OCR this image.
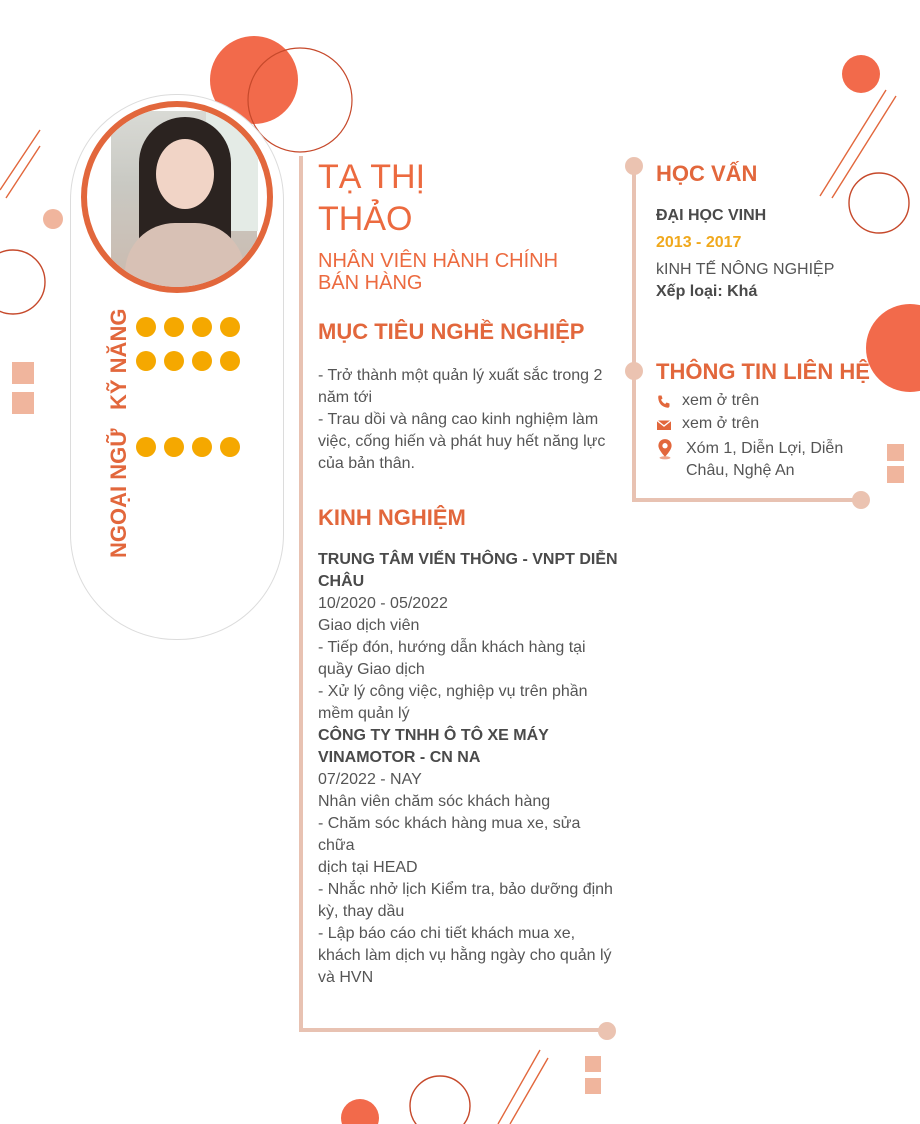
KỸ NĂNG
NGOẠI NGỮ
TẠ THỊ
THẢO
NHÂN VIÊN HÀNH CHÍNH
BÁN HÀNG
MỤC TIÊU NGHỀ NGHIỆP
- Trở thành một quản lý xuất sắc trong 2
năm tới
- Trau dồi và nâng cao kinh nghiệm làm
việc, cống hiến và phát huy hết năng lực
của bản thân.
KINH NGHIỆM
TRUNG TÂM VIẾN THÔNG - VNPT DIỄN
CHÂU
10/2020 - 05/2022
Giao dịch viên
- Tiếp đón, hướng dẫn khách hàng tại
quầy Giao dịch
- Xử lý công việc, nghiệp vụ trên phần
mềm quản lý
CÔNG TY TNHH Ô TÔ XE MÁY
VINAMOTOR - CN NA
07/2022 - NAY
Nhân viên chăm sóc khách hàng
- Chăm sóc khách hàng mua xe, sửa chữa
dịch tại HEAD
- Nhắc nhở lịch Kiểm tra, bảo dưỡng định
kỳ, thay dầu
- Lập báo cáo chi tiết khách mua xe,
khách làm dịch vụ hằng ngày cho quản lý
và HVN
HỌC VẤN
ĐẠI HỌC VINH
2013 - 2017
kINH TẾ NÔNG NGHIỆP
Xếp loại: Khá
THÔNG TIN LIÊN HỆ
xem ở trên
xem ở trên
Xóm 1, Diễn Lợi, Diễn
Châu, Nghệ An
